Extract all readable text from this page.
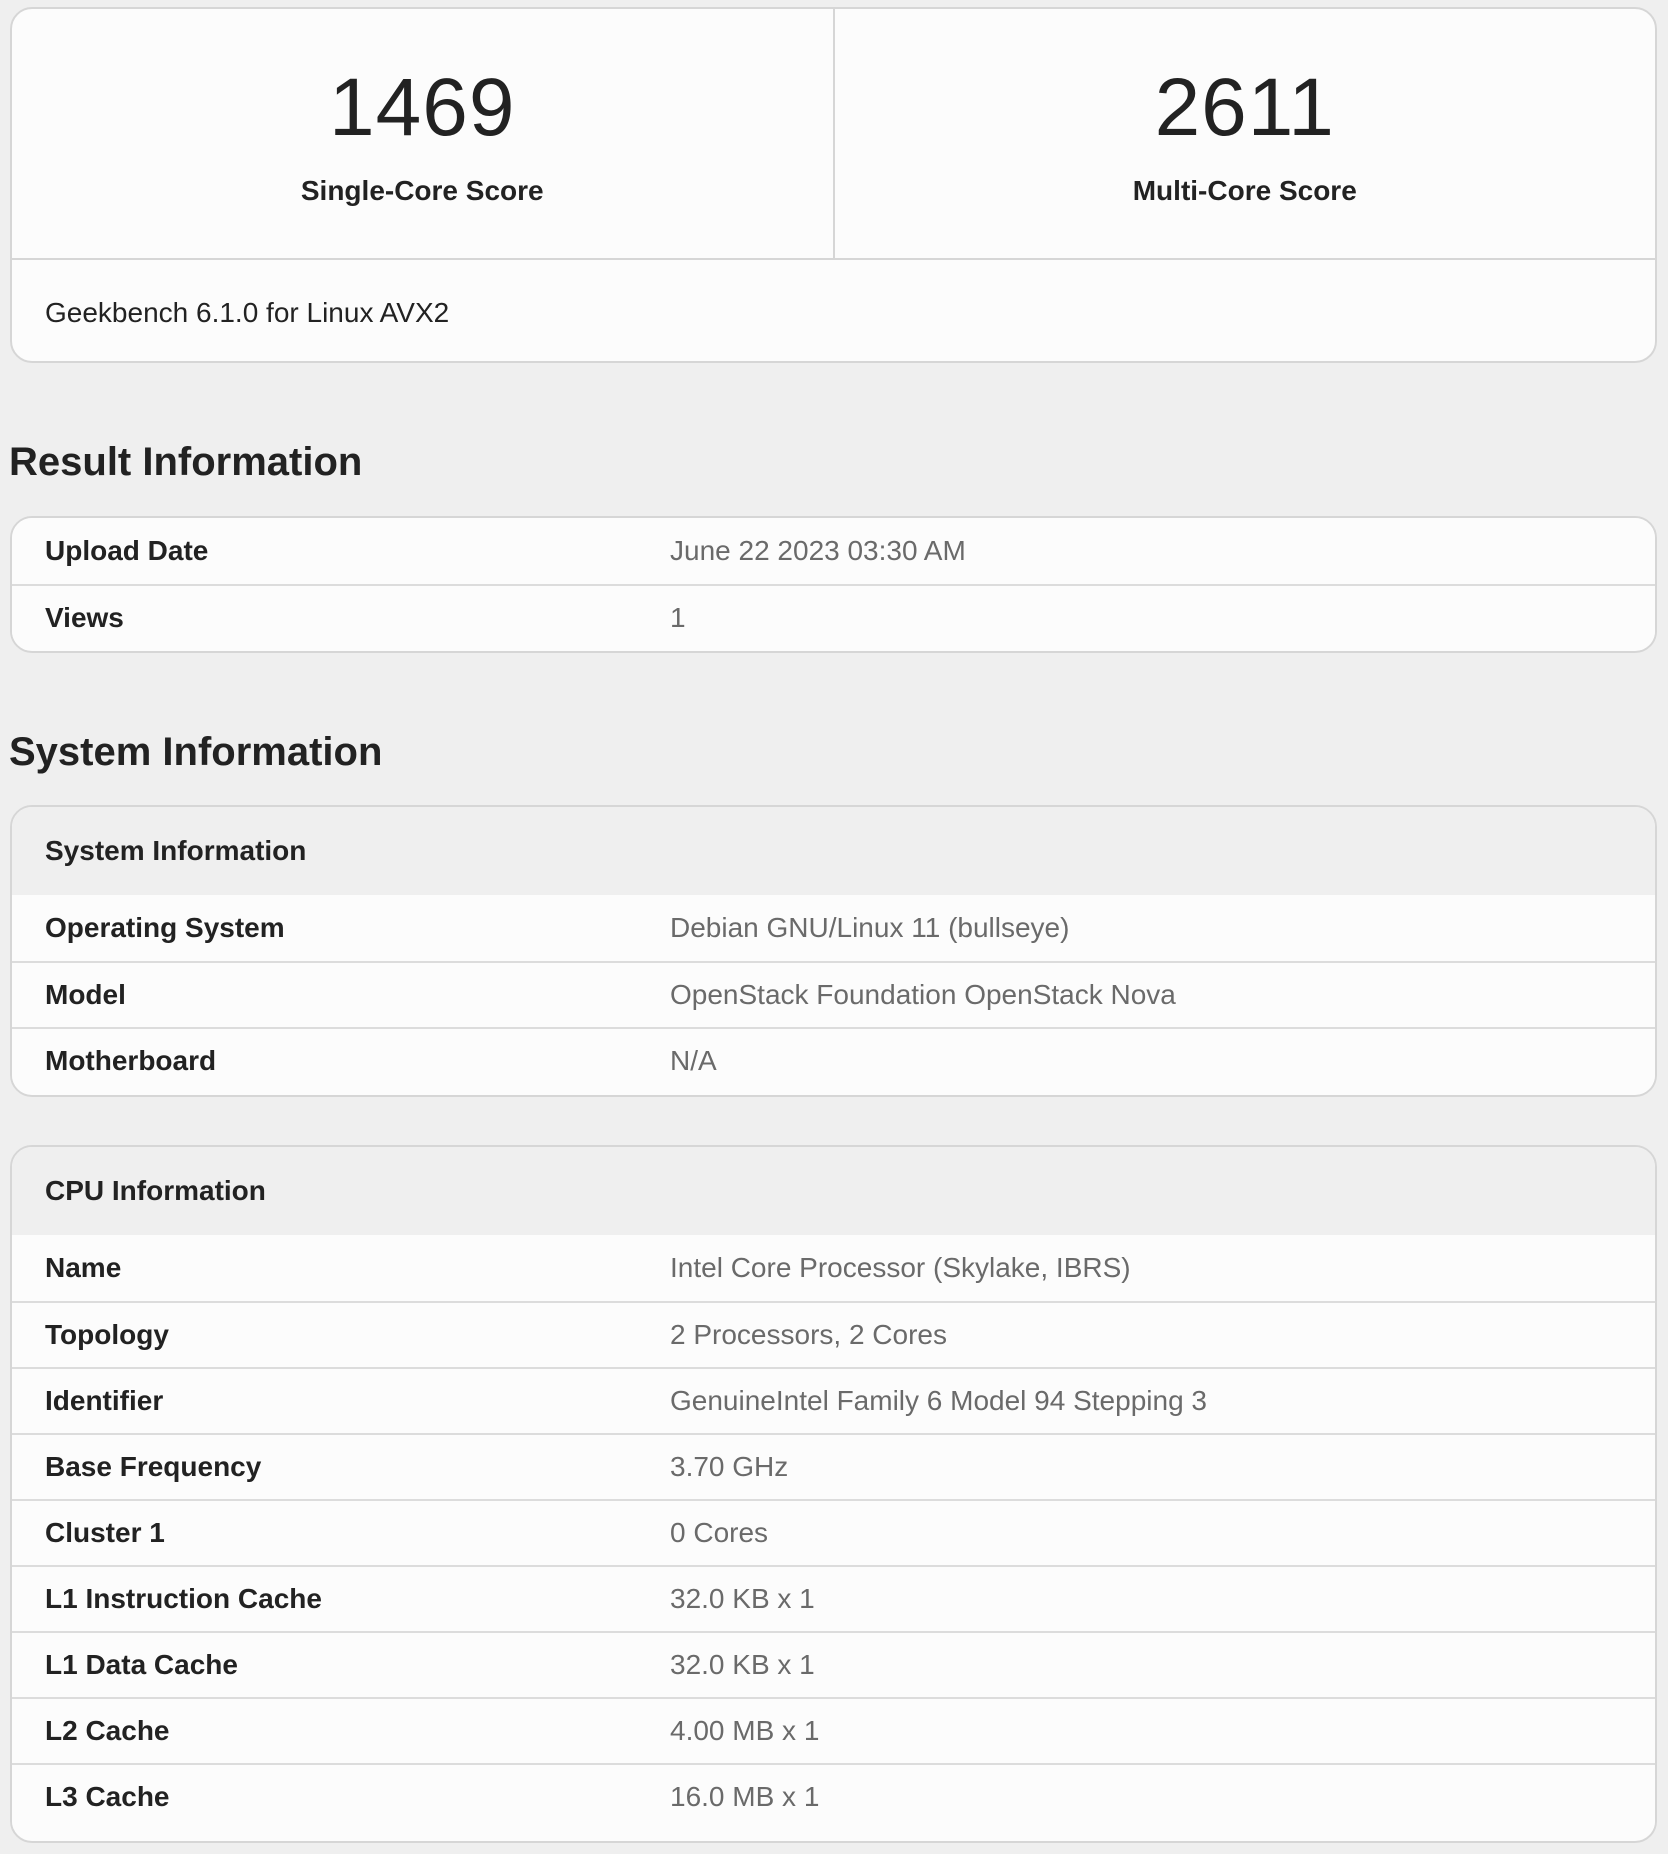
1469
Single-Core Score
2611
Multi-Core Score
Geekbench 6.1.0 for Linux AVX2
Result Information
Upload Date	June 22 2023 03:30 AM
Views	1
System Information
System Information
Operating System	Debian GNU/Linux 11 (bullseye)
Model	OpenStack Foundation OpenStack Nova
Motherboard	N/A
CPU Information
Name	Intel Core Processor (Skylake, IBRS)
Topology	2 Processors, 2 Cores
Identifier	GenuineIntel Family 6 Model 94 Stepping 3
Base Frequency	3.70 GHz
Cluster 1	0 Cores
L1 Instruction Cache	32.0 KB x 1
L1 Data Cache	32.0 KB x 1
L2 Cache	4.00 MB x 1
L3 Cache	16.0 MB x 1
